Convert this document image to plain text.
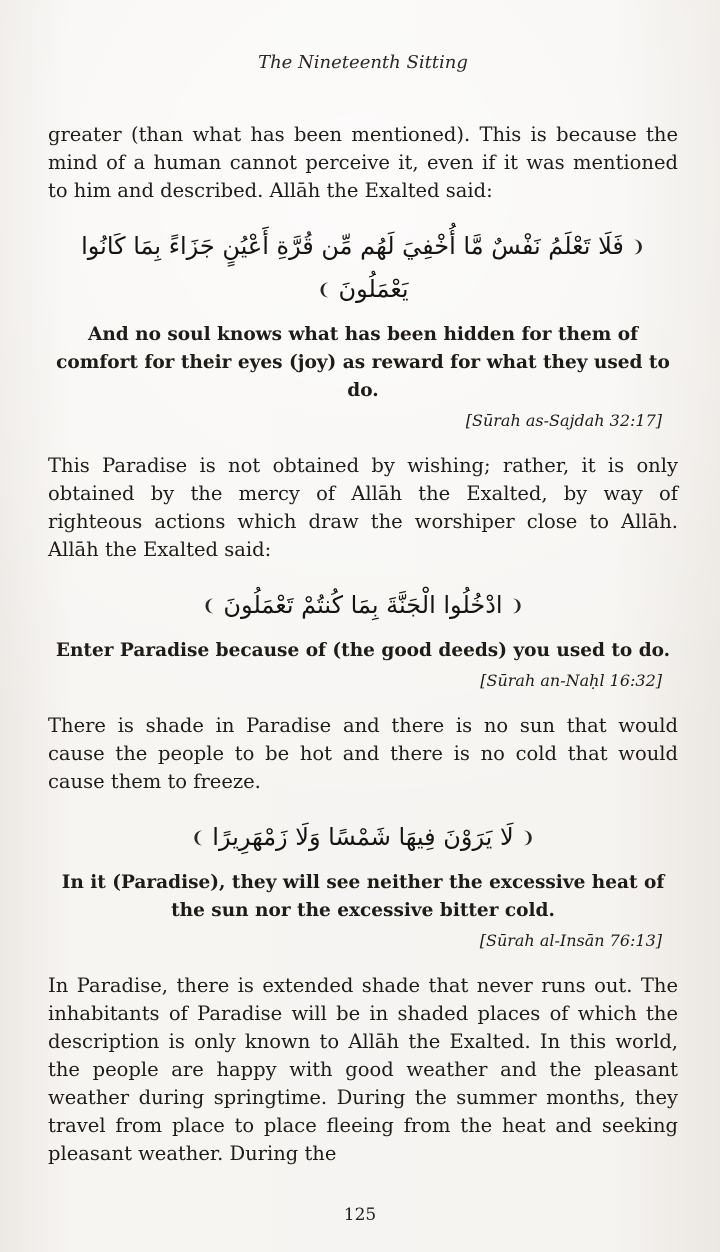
The Nineteenth Sitting

greater (than what has been mentioned). This is because the mind of a human cannot perceive it, even if it was mentioned to him and described. Allāh the Exalted said:

❨ فَلَا تَعْلَمُ نَفْسٌ مَّا أُخْفِيَ لَهُم مِّن قُرَّةِ أَعْيُنٍ جَزَاءً بِمَا كَانُوا يَعْمَلُونَ ❩
And no soul knows what has been hidden for them of comfort for their eyes (joy) as reward for what they used to do.
[Sūrah as-Sajdah 32:17]

This Paradise is not obtained by wishing; rather, it is only obtained by the mercy of Allāh the Exalted, by way of righteous actions which draw the worshiper close to Allāh. Allāh the Exalted said:

❨ ادْخُلُوا الْجَنَّةَ بِمَا كُنتُمْ تَعْمَلُونَ ❩
Enter Paradise because of (the good deeds) you used to do.
[Sūrah an-Naḥl 16:32]

There is shade in Paradise and there is no sun that would cause the people to be hot and there is no cold that would cause them to freeze.

❨ لَا يَرَوْنَ فِيهَا شَمْسًا وَلَا زَمْهَرِيرًا ❩
In it (Paradise), they will see neither the excessive heat of the sun nor the excessive bitter cold.
[Sūrah al-Insān 76:13]

In Paradise, there is extended shade that never runs out. The inhabitants of Paradise will be in shaded places of which the description is only known to Allāh the Exalted. In this world, the people are happy with good weather and the pleasant weather during springtime. During the summer months, they travel from place to place fleeing from the heat and seeking pleasant weather. During the

125
